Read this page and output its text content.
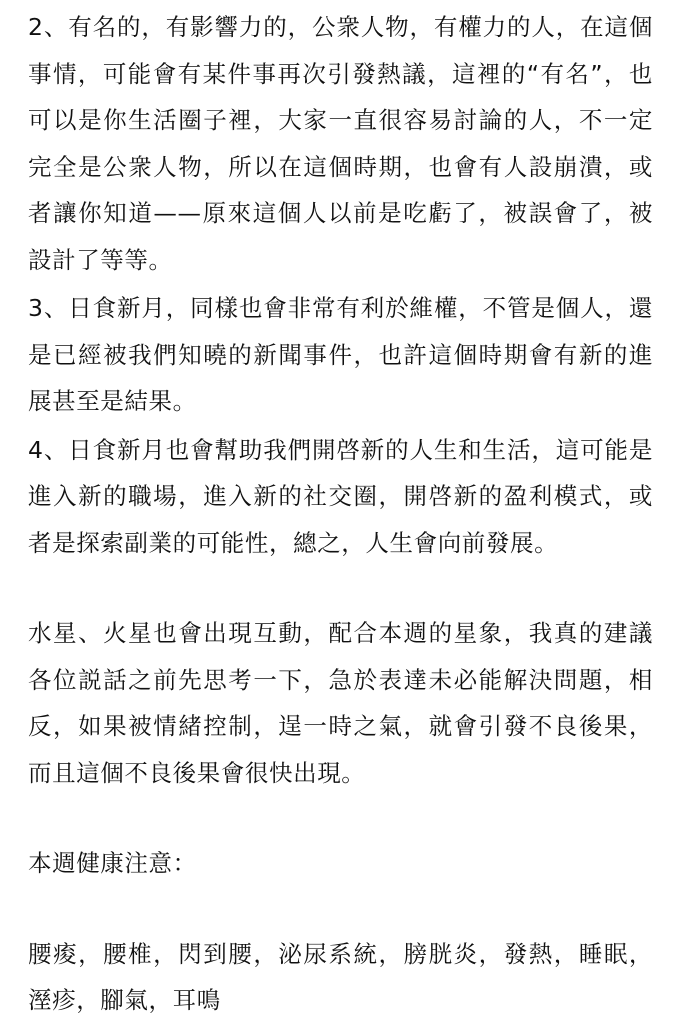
2、有名的，有影響力的，公衆人物，有權力的人，在這個事情，可能會有某件事再次引發熱議，這裡的“有名”，也可以是你生活圈子裡，大家一直很容易討論的人，不一定完全是公衆人物，所以在這個時期，也會有人設崩潰，或者讓你知道——原來這個人以前是吃虧了，被誤會了，被設計了等等。

3、日食新月，同樣也會非常有利於維權，不管是個人，還是已經被我們知曉的新聞事件，也許這個時期會有新的進展甚至是結果。

4、日食新月也會幫助我們開啓新的人生和生活，這可能是進入新的職場，進入新的社交圈，開啓新的盈利模式，或者是探索副業的可能性，總之，人生會向前發展。

水星、火星也會出現互動，配合本週的星象，我真的建議各位説話之前先思考一下，急於表達未必能解決問題，相反，如果被情緒控制，逞一時之氣，就會引發不良後果，而且這個不良後果會很快出現。

本週健康注意：

腰痠，腰椎，閃到腰，泌尿系統，膀胱炎，發熱，睡眠，溼疹，腳氣，耳鳴
